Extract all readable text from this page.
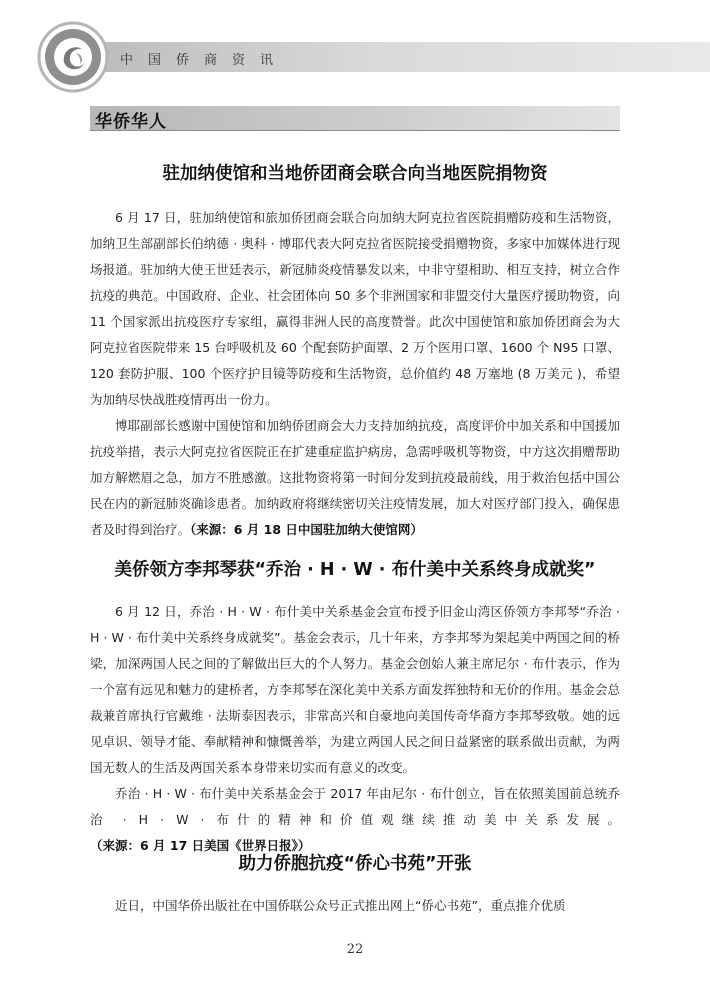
中国侨商资讯
华侨华人
驻加纳使馆和当地侨团商会联合向当地医院捐物资

6 月 17 日，驻加纳使馆和旅加侨团商会联合向加纳大阿克拉省医院捐赠防疫和生活物资，加纳卫生部副部长伯纳德 · 奥科 · 博耶代表大阿克拉省医院接受捐赠物资，多家中加媒体进行现场报道。驻加纳大使王世廷表示，新冠肺炎疫情暴发以来，中非守望相助、相互支持，树立合作抗疫的典范。中国政府、企业、社会团体向 50 多个非洲国家和非盟交付大量医疗援助物资，向 11 个国家派出抗疫医疗专家组，赢得非洲人民的高度赞誉。此次中国使馆和旅加侨团商会为大阿克拉省医院带来 15 台呼吸机及 60 个配套防护面罩、2 万个医用口罩、1600 个 N95 口罩、120 套防护服、100 个医疗护目镜等防疫和生活物资，总价值约 48 万塞地 (8 万美元 )，希望为加纳尽快战胜疫情再出一份力。

博耶副部长感谢中国使馆和加纳侨团商会大力支持加纳抗疫，高度评价中加关系和中国援加抗疫举措，表示大阿克拉省医院正在扩建重症监护病房，急需呼吸机等物资，中方这次捐赠帮助加方解燃眉之急，加方不胜感激。这批物资将第一时间分发到抗疫最前线，用于救治包括中国公民在内的新冠肺炎确诊患者。加纳政府将继续密切关注疫情发展，加大对医疗部门投入，确保患者及时得到治疗。（来源：6 月 18 日中国驻加纳大使馆网）

美侨领方李邦琴获“乔治 · H · W · 布什美中关系终身成就奖”

6 月 12 日，乔治 · H · W · 布什美中关系基金会宣布授予旧金山湾区侨领方李邦琴“乔治 · H · W · 布什美中关系终身成就奖”。基金会表示，几十年来，方李邦琴为架起美中两国之间的桥梁，加深两国人民之间的了解做出巨大的个人努力。基金会创始人兼主席尼尔 · 布什表示，作为一个富有远见和魅力的建桥者，方李邦琴在深化美中关系方面发挥独特和无价的作用。基金会总裁兼首席执行官戴维 · 法斯泰因表示，非常高兴和自豪地向美国传奇华裔方李邦琴致敬。她的远见卓识、领导才能、奉献精神和慷慨善举，为建立两国人民之间日益紧密的联系做出贡献，为两国无数人的生活及两国关系本身带来切实而有意义的改变。

乔治 · H · W · 布什美中关系基金会于 2017 年由尼尔 · 布什创立，旨在依照美国前总统乔治 · H · W · 布什的精神和价值观继续推动美中关系发展。（来源：6 月 17 日美国《世界日报》）

助力侨胞抗疫“侨心书苑”开张

近日，中国华侨出版社在中国侨联公众号正式推出网上“侨心书苑”，重点推介优质

22
